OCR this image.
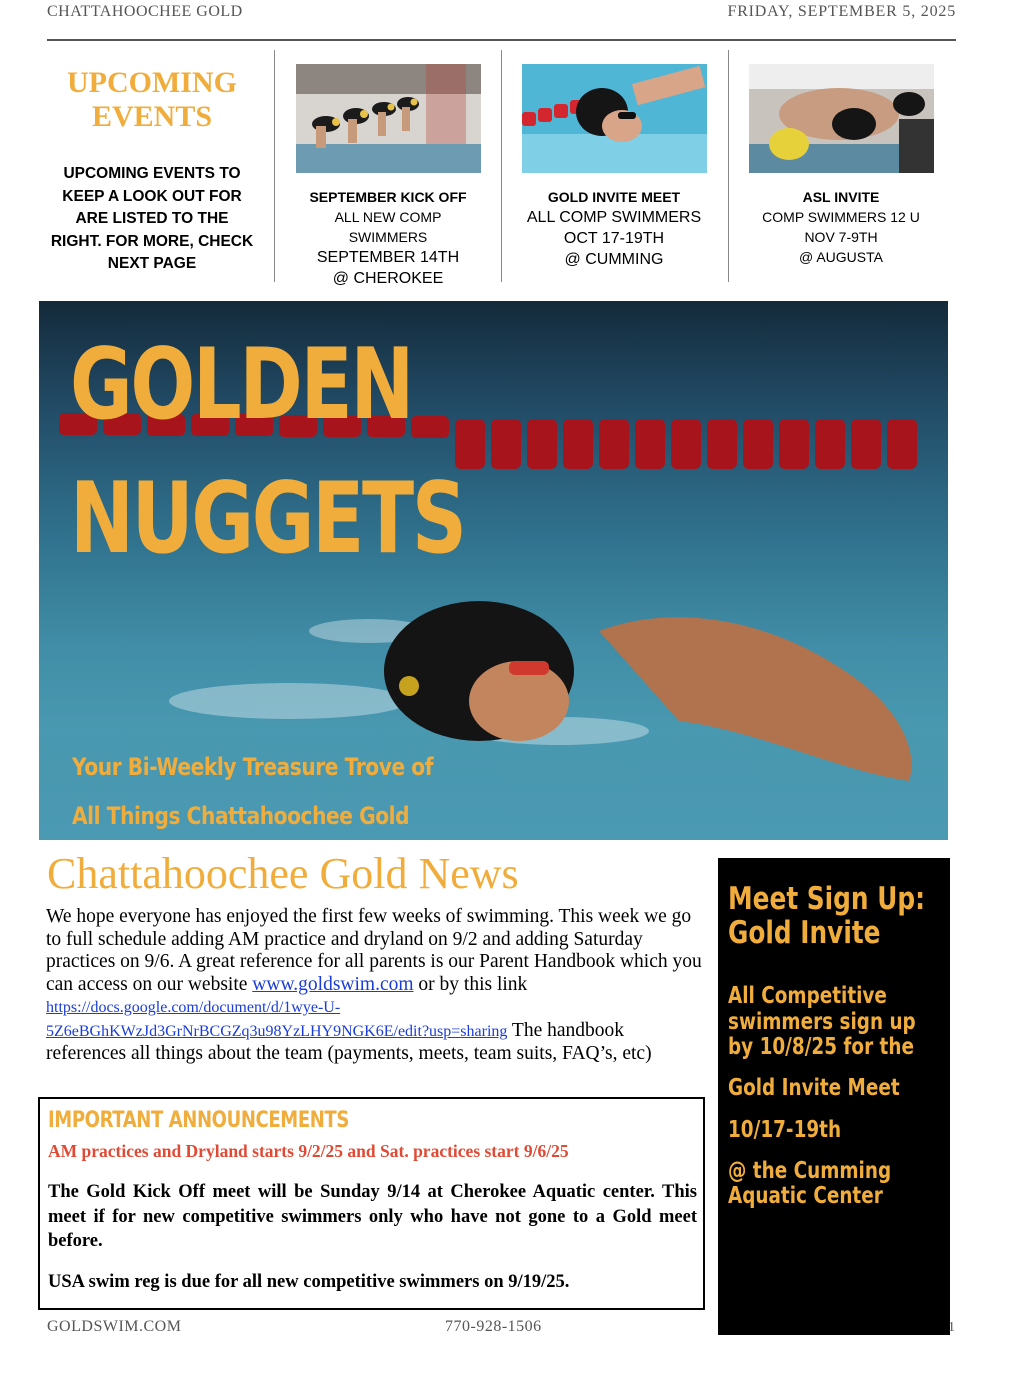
CHATTAHOOCHEE GOLD	FRIDAY, SEPTEMBER 5, 2025
UPCOMING
EVENTS
UPCOMING EVENTS TO KEEP A LOOK OUT FOR ARE LISTED TO THE RIGHT. FOR MORE, CHECK NEXT PAGE
SEPTEMBER KICK OFF
ALL NEW COMP
SWIMMERS
SEPTEMBER 14TH
@ CHEROKEE
GOLD INVITE MEET
ALL COMP SWIMMERS
OCT 17-19TH
@ CUMMING
ASL INVITE
COMP SWIMMERS 12 U
NOV 7-9TH
@ AUGUSTA
GOLDEN
NUGGETS
Your Bi-Weekly Treasure Trove of
All Things Chattahoochee Gold
Chattahoochee Gold News
We hope everyone has enjoyed the first few weeks of swimming. This week we go to full schedule adding AM practice and dryland on 9/2 and adding Saturday practices on 9/6. A great reference for all parents is our Parent Handbook which you can access on our website www.goldswim.com or by this link https://docs.google.com/document/d/1wye-U-5Z6eBGhKWzJd3GrNrBCGZq3u98YzLHY9NGK6E/edit?usp=sharing The handbook references all things about the team (payments, meets, team suits, FAQ’s, etc)
IMPORTANT ANNOUNCEMENTS
AM practices and Dryland starts 9/2/25 and Sat. practices start 9/6/25
The Gold Kick Off meet will be Sunday 9/14 at Cherokee Aquatic center. This meet if for new competitive swimmers only who have not gone to a Gold meet before.
USA swim reg is due for all new competitive swimmers on 9/19/25.
Meet Sign Up:
Gold Invite
All Competitive
swimmers sign up
by 10/8/25 for the
Gold Invite Meet
10/17-19th
@ the Cumming
Aquatic Center
GOLDSWIM.COM	770-928-1506	1
